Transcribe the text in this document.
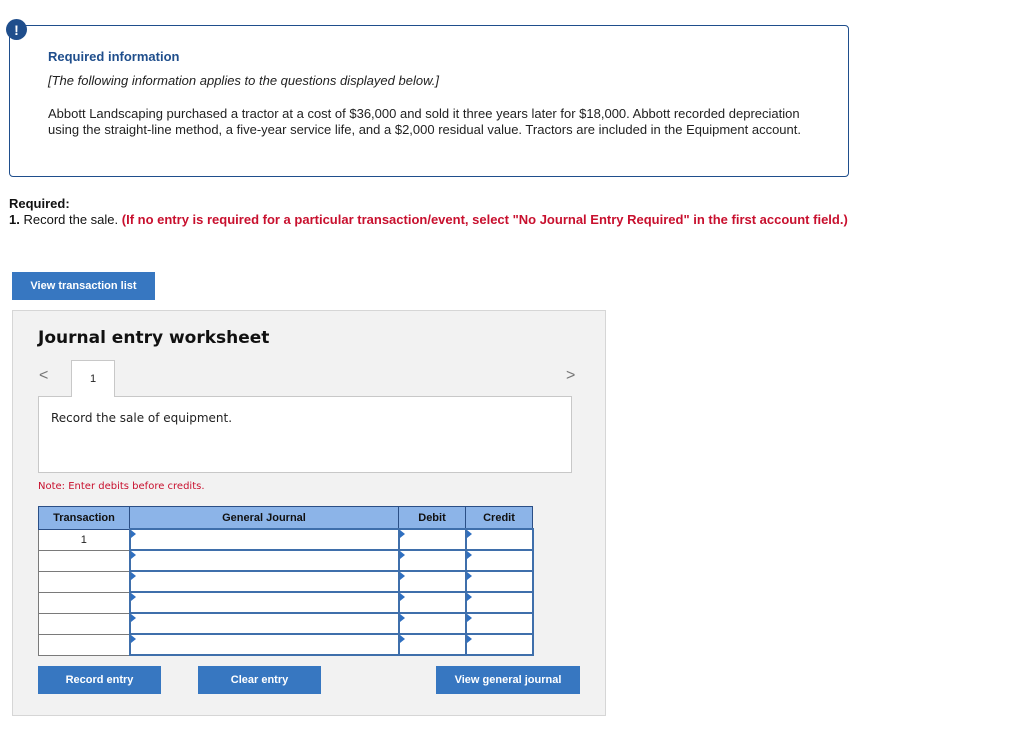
Required information
[The following information applies to the questions displayed below.]
Abbott Landscaping purchased a tractor at a cost of $36,000 and sold it three years later for $18,000. Abbott recorded depreciation using the straight-line method, a five-year service life, and a $2,000 residual value. Tractors are included in the Equipment account.
!
Required:
1. Record the sale. (If no entry is required for a particular transaction/event, select "No Journal Entry Required" in the first account field.)
View transaction list
Journal entry worksheet
<	>
1
Record the sale of equipment.
Note: Enter debits before credits.
Transaction	General Journal	Debit	Credit
1	

Record entry	Clear entry	View general journal
